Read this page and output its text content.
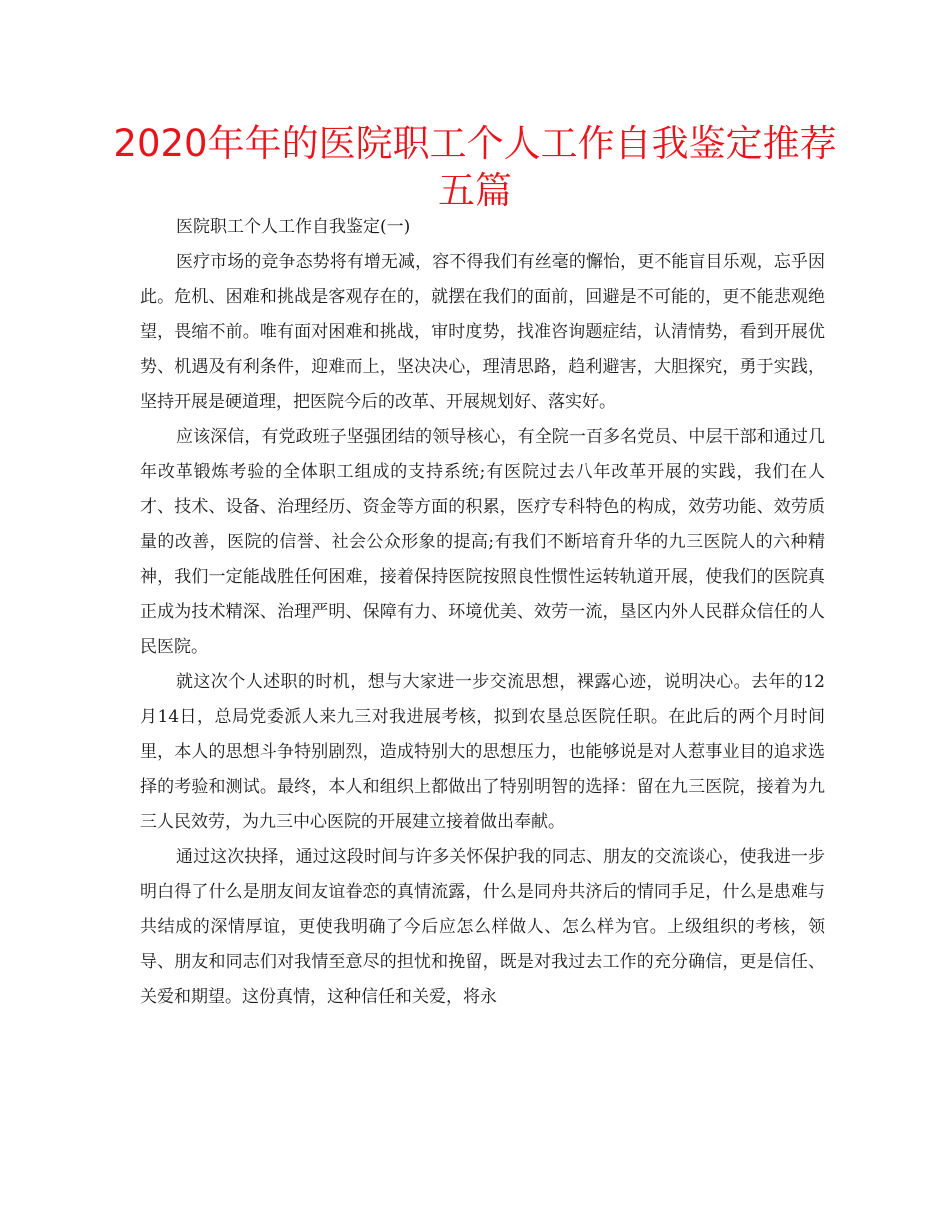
2020年年的医院职工个人工作自我鉴定推荐五篇

医院职工个人工作自我鉴定(一)

医疗市场的竞争态势将有增无减，容不得我们有丝毫的懈怡，更不能盲目乐观，忘乎因此。危机、困难和挑战是客观存在的，就摆在我们的面前，回避是不可能的，更不能悲观绝望，畏缩不前。唯有面对困难和挑战，审时度势，找准咨询题症结，认清情势，看到开展优势、机遇及有利条件，迎难而上，坚决决心，理清思路，趋利避害，大胆探究，勇于实践，坚持开展是硬道理，把医院今后的改革、开展规划好、落实好。

应该深信，有党政班子坚强团结的领导核心，有全院一百多名党员、中层干部和通过几年改革锻炼考验的全体职工组成的支持系统;有医院过去八年改革开展的实践，我们在人才、技术、设备、治理经历、资金等方面的积累，医疗专科特色的构成，效劳功能、效劳质量的改善，医院的信誉、社会公众形象的提高;有我们不断培育升华的九三医院人的六种精神，我们一定能战胜任何困难，接着保持医院按照良性惯性运转轨道开展，使我们的医院真正成为技术精深、治理严明、保障有力、环境优美、效劳一流，垦区内外人民群众信任的人民医院。

就这次个人述职的时机，想与大家进一步交流思想，裸露心迹，说明决心。去年的12月14日，总局党委派人来九三对我进展考核，拟到农垦总医院任职。在此后的两个月时间里，本人的思想斗争特别剧烈，造成特别大的思想压力，也能够说是对人惹事业目的追求选择的考验和测试。最终，本人和组织上都做出了特别明智的选择：留在九三医院，接着为九三人民效劳，为九三中心医院的开展建立接着做出奉献。

通过这次抉择，通过这段时间与许多关怀保护我的同志、朋友的交流谈心，使我进一步明白得了什么是朋友间友谊眷恋的真情流露，什么是同舟共济后的情同手足，什么是患难与共结成的深情厚谊，更使我明确了今后应怎么样做人、怎么样为官。上级组织的考核，领导、朋友和同志们对我情至意尽的担忧和挽留，既是对我过去工作的充分确信，更是信任、关爱和期望。这份真情，这种信任和关爱，将永
